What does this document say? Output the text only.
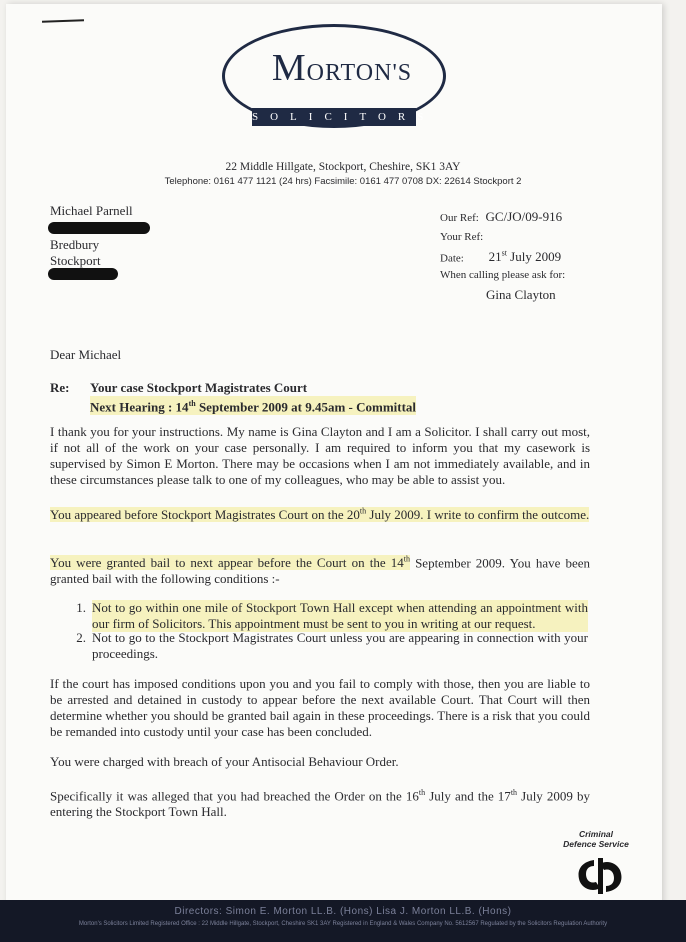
MORTON'S
SOLICITORS
22 Middle Hillgate, Stockport, Cheshire, SK1 3AY
Telephone: 0161 477 1121 (24 hrs) Facsimile: 0161 477 0708 DX: 22614 Stockport 2
Michael Parnell
Bredbury
Stockport
Our Ref: GC/JO/09-916
Your Ref:
Date: 21st July 2009
When calling please ask for:
Gina Clayton
Dear Michael
Re: Your case Stockport Magistrates Court
Next Hearing : 14th September 2009 at 9.45am - Committal
I thank you for your instructions. My name is Gina Clayton and I am a Solicitor. I shall carry out most, if not all of the work on your case personally. I am required to inform you that my casework is supervised by Simon E Morton. There may be occasions when I am not immediately available, and in these circumstances please talk to one of my colleagues, who may be able to assist you.
You appeared before Stockport Magistrates Court on the 20th July 2009. I write to confirm the outcome.
You were granted bail to next appear before the Court on the 14th September 2009. You have been granted bail with the following conditions :-
1. Not to go within one mile of Stockport Town Hall except when attending an appointment with our firm of Solicitors. This appointment must be sent to you in writing at our request.
2. Not to go to the Stockport Magistrates Court unless you are appearing in connection with your proceedings.
If the court has imposed conditions upon you and you fail to comply with those, then you are liable to be arrested and detained in custody to appear before the next available Court. That Court will then determine whether you should be granted bail again in these proceedings. There is a risk that you could be remanded into custody until your case has been concluded.
You were charged with breach of your Antisocial Behaviour Order.
Specifically it was alleged that you had breached the Order on the 16th July and the 17th July 2009 by entering the Stockport Town Hall.
Criminal
Defence Service
Directors: Simon E. Morton LL.B. (Hons) Lisa J. Morton LL.B. (Hons)
Morton's Solicitors Limited Registered Office : 22 Middle Hillgate, Stockport, Cheshire SK1 3AY Registered in England & Wales Company No. 5612567 Regulated by the Solicitors Regulation Authority
